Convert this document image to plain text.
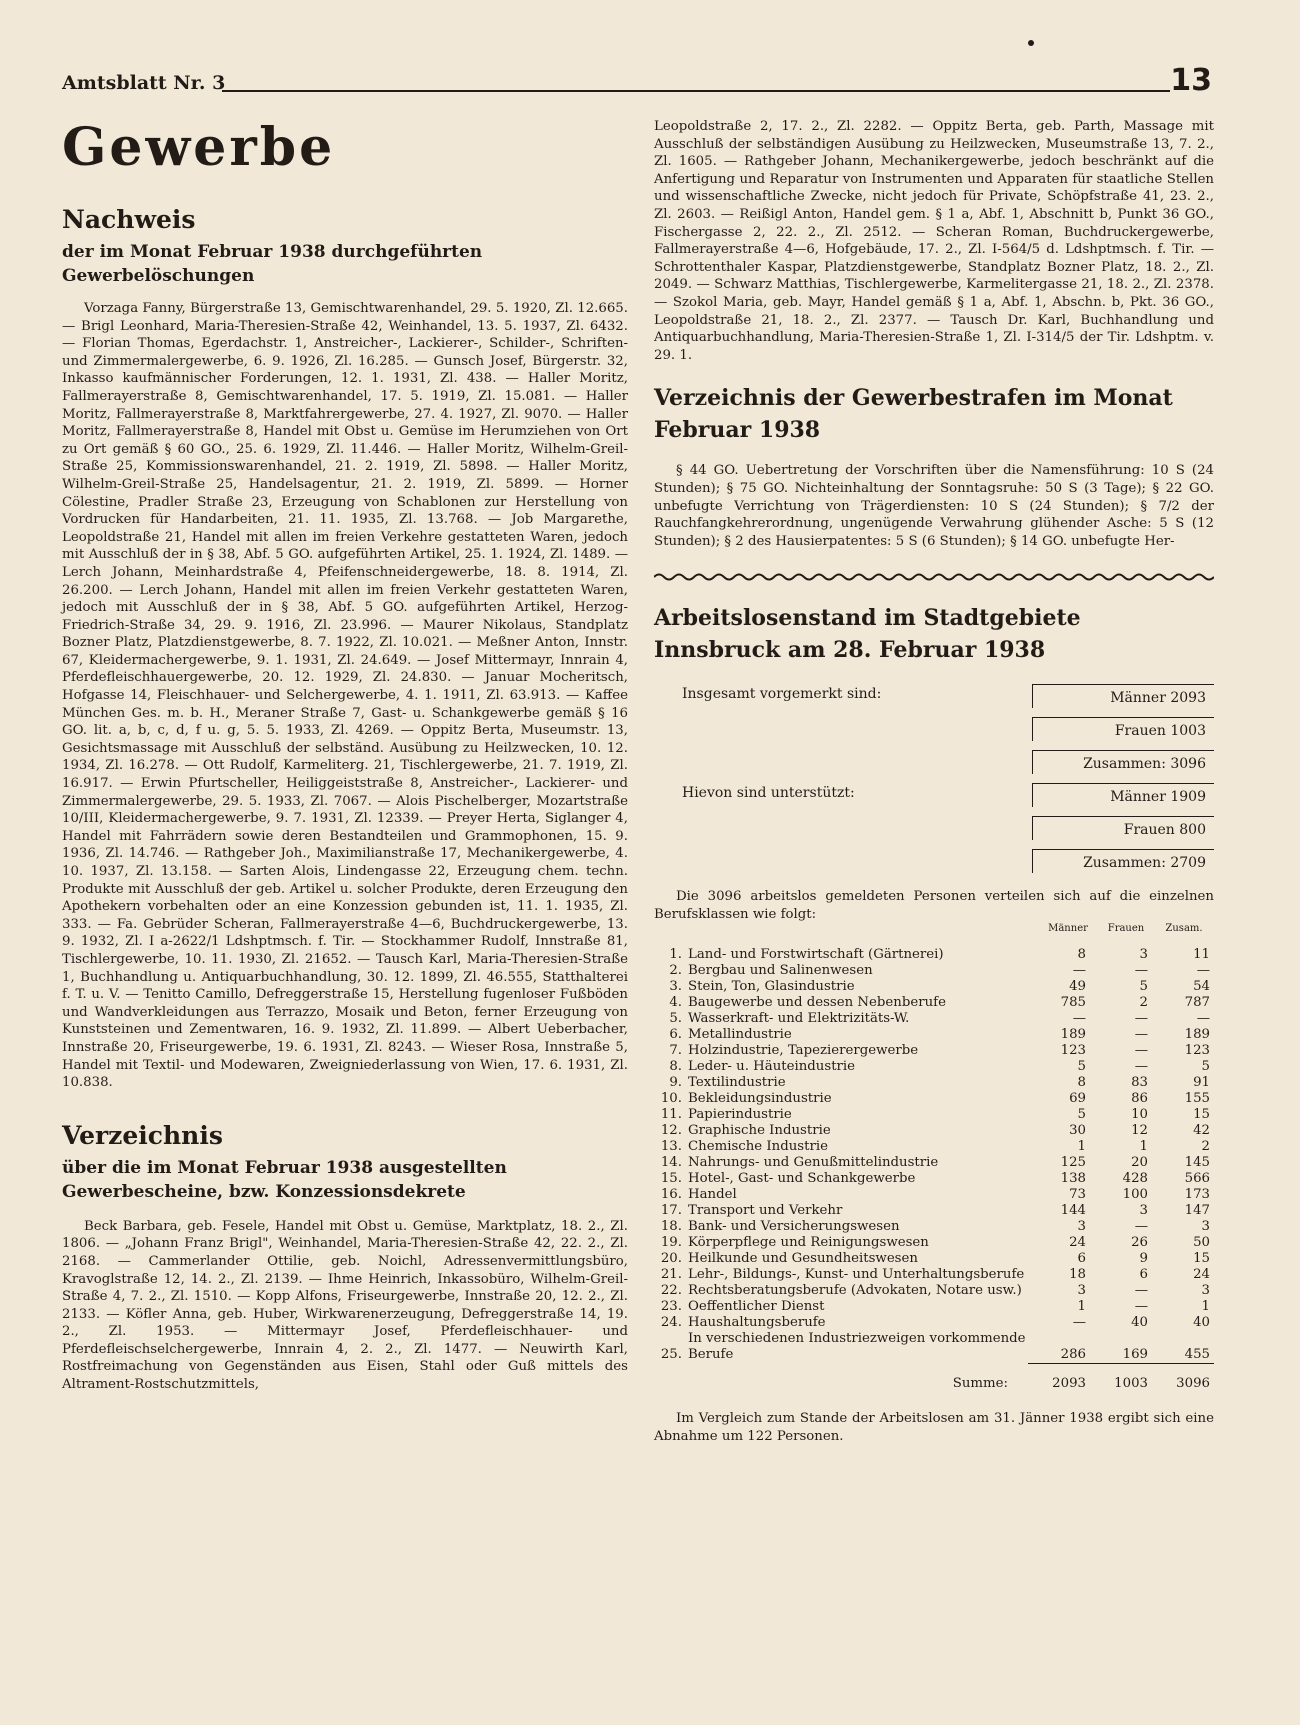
Amtsblatt Nr. 3	13
Gewerbe
Nachweis
der im Monat Februar 1938 durchgeführten Gewerbelöschungen

Vorzaga Fanny, Bürgerstraße 13, Gemischtwarenhandel, 29. 5. 1920, Zl. 12.665. — Brigl Leonhard, Maria-Theresien-Straße 42, Weinhandel, 13. 5. 1937, Zl. 6432. — Florian Thomas, Egerdachstr. 1, Anstreicher-, Lackierer-, Schilder-, Schriften- und Zimmermalergewerbe, 6. 9. 1926, Zl. 16.285. — Gunsch Josef, Bürgerstr. 32, Inkasso kaufmännischer Forderungen, 12. 1. 1931, Zl. 438. — Haller Moritz, Fallmerayerstraße 8, Gemischtwarenhandel, 17. 5. 1919, Zl. 15.081. — Haller Moritz, Fallmerayerstraße 8, Marktfahrergewerbe, 27. 4. 1927, Zl. 9070. — Haller Moritz, Fallmerayerstraße 8, Handel mit Obst u. Gemüse im Herumziehen von Ort zu Ort gemäß § 60 GO., 25. 6. 1929, Zl. 11.446. — Haller Moritz, Wilhelm-Greil-Straße 25, Kommissionswarenhandel, 21. 2. 1919, Zl. 5898. — Haller Moritz, Wilhelm-Greil-Straße 25, Handelsagentur, 21. 2. 1919, Zl. 5899. — Horner Cölestine, Pradler Straße 23, Erzeugung von Schablonen zur Herstellung von Vordrucken für Handarbeiten, 21. 11. 1935, Zl. 13.768. — Job Margarethe, Leopoldstraße 21, Handel mit allen im freien Verkehre gestatteten Waren, jedoch mit Ausschluß der in § 38, Abf. 5 GO. aufgeführten Artikel, 25. 1. 1924, Zl. 1489. — Lerch Johann, Meinhardstraße 4, Pfeifenschneidergewerbe, 18. 8. 1914, Zl. 26.200. — Lerch Johann, Handel mit allen im freien Verkehr gestatteten Waren, jedoch mit Ausschluß der in § 38, Abf. 5 GO. aufgeführten Artikel, Herzog-Friedrich-Straße 34, 29. 9. 1916, Zl. 23.996. — Maurer Nikolaus, Standplatz Bozner Platz, Platzdienstgewerbe, 8. 7. 1922, Zl. 10.021. — Meßner Anton, Innstr. 67, Kleidermachergewerbe, 9. 1. 1931, Zl. 24.649. — Josef Mittermayr, Innrain 4, Pferdefleischhauergewerbe, 20. 12. 1929, Zl. 24.830. — Januar Mocheritsch, Hofgasse 14, Fleischhauer- und Selchergewerbe, 4. 1. 1911, Zl. 63.913. — Kaffee München Ges. m. b. H., Meraner Straße 7, Gast- u. Schankgewerbe gemäß § 16 GO. lit. a, b, c, d, f u. g, 5. 5. 1933, Zl. 4269. — Oppitz Berta, Museumstr. 13, Gesichtsmassage mit Ausschluß der selbständ. Ausübung zu Heilzwecken, 10. 12. 1934, Zl. 16.278. — Ott Rudolf, Karmeliterg. 21, Tischlergewerbe, 21. 7. 1919, Zl. 16.917. — Erwin Pfurtscheller, Heiliggeiststraße 8, Anstreicher-, Lackierer- und Zimmermalergewerbe, 29. 5. 1933, Zl. 7067. — Alois Pischelberger, Mozartstraße 10/III, Kleidermachergewerbe, 9. 7. 1931, Zl. 12339. — Preyer Herta, Siglanger 4, Handel mit Fahrrädern sowie deren Bestandteilen und Grammophonen, 15. 9. 1936, Zl. 14.746. — Rathgeber Joh., Maximilianstraße 17, Mechanikergewerbe, 4. 10. 1937, Zl. 13.158. — Sarten Alois, Lindengasse 22, Erzeugung chem. techn. Produkte mit Ausschluß der geb. Artikel u. solcher Produkte, deren Erzeugung den Apothekern vorbehalten oder an eine Konzession gebunden ist, 11. 1. 1935, Zl. 333. — Fa. Gebrüder Scheran, Fallmerayerstraße 4—6, Buchdruckergewerbe, 13. 9. 1932, Zl. I a-2622/1 Ldshptmsch. f. Tir. — Stockhammer Rudolf, Innstraße 81, Tischlergewerbe, 10. 11. 1930, Zl. 21652. — Tausch Karl, Maria-Theresien-Straße 1, Buchhandlung u. Antiquarbuchhandlung, 30. 12. 1899, Zl. 46.555, Statthalterei f. T. u. V. — Tenitto Camillo, Defreggerstraße 15, Herstellung fugenloser Fußböden und Wandverkleidungen aus Terrazzo, Mosaik und Beton, ferner Erzeugung von Kunststeinen und Zementwaren, 16. 9. 1932, Zl. 11.899. — Albert Ueberbacher, Innstraße 20, Friseurgewerbe, 19. 6. 1931, Zl. 8243. — Wieser Rosa, Innstraße 5, Handel mit Textil- und Modewaren, Zweigniederlassung von Wien, 17. 6. 1931, Zl. 10.838.

Verzeichnis
über die im Monat Februar 1938 ausgestellten Gewerbescheine, bzw. Konzessionsdekrete

Beck Barbara, geb. Fesele, Handel mit Obst u. Gemüse, Marktplatz, 18. 2., Zl. 1806. — „Johann Franz Brigl", Weinhandel, Maria-Theresien-Straße 42, 22. 2., Zl. 2168. — Cammerlander Ottilie, geb. Noichl, Adressenvermittlungsbüro, Kravoglstraße 12, 14. 2., Zl. 2139. — Ihme Heinrich, Inkassobüro, Wilhelm-Greil-Straße 4, 7. 2., Zl. 1510. — Kopp Alfons, Friseurgewerbe, Innstraße 20, 12. 2., Zl. 2133. — Köfler Anna, geb. Huber, Wirkwarenerzeugung, Defreggerstraße 14, 19. 2., Zl. 1953. — Mittermayr Josef, Pferdefleischhauer- und Pferdefleischselchergewerbe, Innrain 4, 2. 2., Zl. 1477. — Neuwirth Karl, Rostfreimachung von Gegenständen aus Eisen, Stahl oder Guß mittels des Altrament-Rostschutzmittels,

Leopoldstraße 2, 17. 2., Zl. 2282. — Oppitz Berta, geb. Parth, Massage mit Ausschluß der selbständigen Ausübung zu Heilzwecken, Museumstraße 13, 7. 2., Zl. 1605. — Rathgeber Johann, Mechanikergewerbe, jedoch beschränkt auf die Anfertigung und Reparatur von Instrumenten und Apparaten für staatliche Stellen und wissenschaftliche Zwecke, nicht jedoch für Private, Schöpfstraße 41, 23. 2., Zl. 2603. — Reißigl Anton, Handel gem. § 1 a, Abf. 1, Abschnitt b, Punkt 36 GO., Fischergasse 2, 22. 2., Zl. 2512. — Scheran Roman, Buchdruckergewerbe, Fallmerayerstraße 4—6, Hofgebäude, 17. 2., Zl. I-564/5 d. Ldshptmsch. f. Tir. — Schrottenthaler Kaspar, Platzdienstgewerbe, Standplatz Bozner Platz, 18. 2., Zl. 2049. — Schwarz Matthias, Tischlergewerbe, Karmelitergasse 21, 18. 2., Zl. 2378. — Szokol Maria, geb. Mayr, Handel gemäß § 1 a, Abf. 1, Abschn. b, Pkt. 36 GO., Leopoldstraße 21, 18. 2., Zl. 2377. — Tausch Dr. Karl, Buchhandlung und Antiquarbuchhandlung, Maria-Theresien-Straße 1, Zl. I-314/5 der Tir. Ldshptm. v. 29. 1.

Verzeichnis der Gewerbestrafen im Monat Februar 1938

§ 44 GO. Uebertretung der Vorschriften über die Namensführung: 10 S (24 Stunden); § 75 GO. Nichteinhaltung der Sonntagsruhe: 50 S (3 Tage); § 22 GO. unbefugte Verrichtung von Trägerdiensten: 10 S (24 Stunden); § 7/2 der Rauchfangkehrerordnung, ungenügende Verwahrung glühender Asche: 5 S (12 Stunden); § 2 des Hausierpatentes: 5 S (6 Stunden); § 14 GO. unbefugte Her-

Arbeitslosenstand im Stadtgebiete Innsbruck am 28. Februar 1938
Insgesamt vorgemerkt sind:	Männer 2093
Frauen 1003
Zusammen: 3096
Hievon sind unterstützt:	Männer 1909
Frauen 800
Zusammen: 2709

Die 3096 arbeitslos gemeldeten Personen verteilen sich auf die einzelnen Berufsklassen wie folgt:

Männer Frauen Zusam.
1.	Land- und Forstwirtschaft (Gärtnerei)	8	3	11
2.	Bergbau und Salinenwesen	—	—	—
3.	Stein, Ton, Glasindustrie	49	5	54
4.	Baugewerbe und dessen Nebenberufe	785	2	787
5.	Wasserkraft- und Elektrizitäts-W.	—	—	—
6.	Metallindustrie	189	—	189
7.	Holzindustrie, Tapezierergewerbe	123	—	123
8.	Leder- u. Häuteindustrie	5	—	5
9.	Textilindustrie	8	83	91
10.	Bekleidungsindustrie	69	86	155
11.	Papierindustrie	5	10	15
12.	Graphische Industrie	30	12	42
13.	Chemische Industrie	1	1	2
14.	Nahrungs- und Genußmittelindustrie	125	20	145
15.	Hotel-, Gast- und Schankgewerbe	138	428	566
16.	Handel	73	100	173
17.	Transport und Verkehr	144	3	147
18.	Bank- und Versicherungswesen	3	—	3
19.	Körperpflege und Reinigungswesen	24	26	50
20.	Heilkunde und Gesundheitswesen	6	9	15
21.	Lehr-, Bildungs-, Kunst- und Unterhaltungsberufe	18	6	24
22.	Rechtsberatungsberufe (Advokaten, Notare usw.)	3	—	3
23.	Oeffentlicher Dienst	1	—	1
24.	Haushaltungsberufe	—	40	40
25.	In verschiedenen Industriezweigen vorkommende Berufe	286	169	455
	Summe:	2093	1003	3096

Im Vergleich zum Stande der Arbeitslosen am 31. Jänner 1938 ergibt sich eine Abnahme um 122 Personen.
